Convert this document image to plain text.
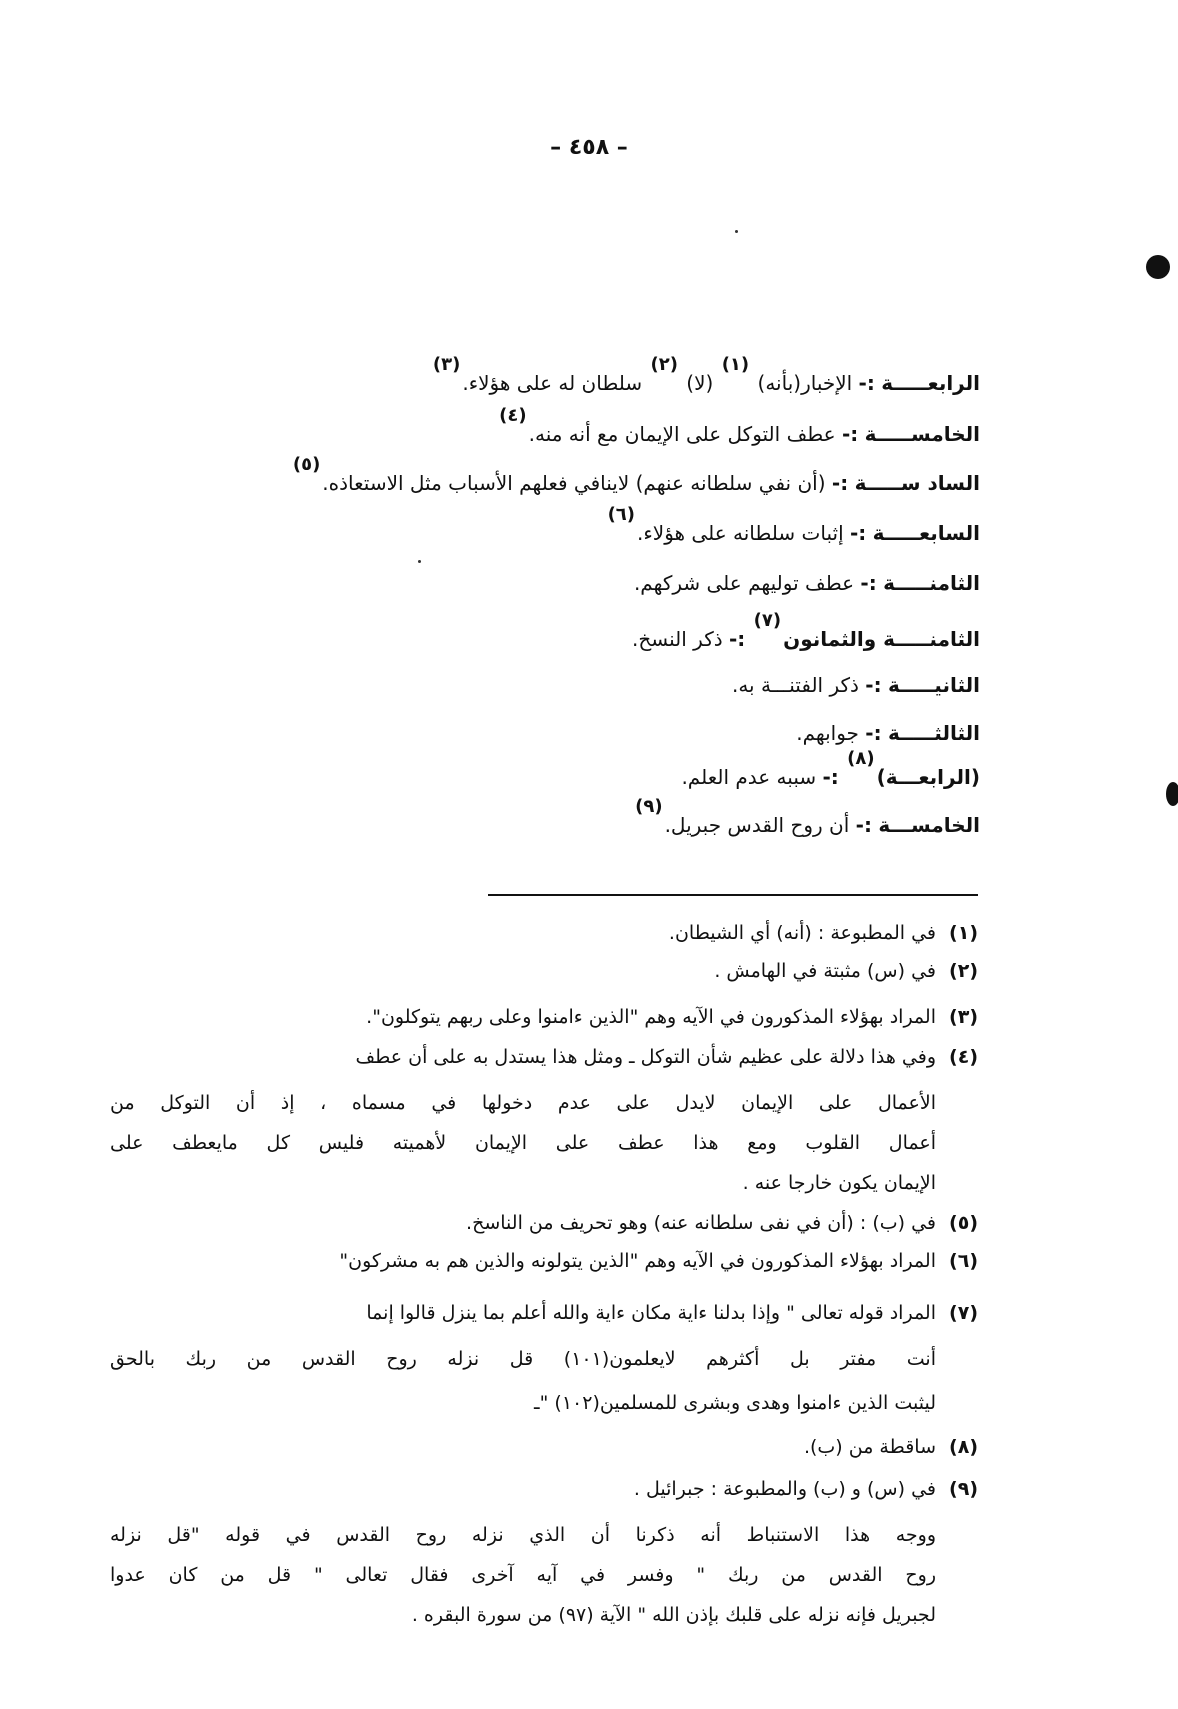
– ٤٥٨ –
الرابعـــــة :- الإخبار(بأنه) (١) (لا) (٢) سلطان له على هؤلاء.(٣)
الخامســـــة :- عطف التوكل على الإيمان مع أنه منه.(٤)
الساد ســـــة :- (أن نفي سلطانه عنهم) لاينافي فعلهم الأسباب مثل الاستعاذه.(٥)
السابعـــــة :- إثبات سلطانه على هؤلاء.(٦)
الثامنـــــة :- عطف توليهم على شركهم.
الثامنـــــة والثمانون(٧) :- ذكر النسخ.
الثانيـــــة :- ذكر الفتنـــة به.
الثالثـــــة :- جوابهم.
(الرابعـــة)(٨) :- سببه عدم العلم.
الخامســـة :- أن روح القدس جبريل.(٩)
(١)في المطبوعة : (أنه) أي الشيطان.
(٢)في (س) مثبتة في الهامش .
(٣)المراد بهؤلاء المذكورون في الآيه وهم "الذين ءامنوا وعلى ربهم يتوكلون".
(٤)وفي هذا دلالة على عظيم شأن التوكل ـ ومثل هذا يستدل به على أن عطف
الأعمال على الإيمان لايدل على عدم دخولها في مسماه ، إذ أن التوكل من
أعمال القلوب ومع هذا عطف على الإيمان لأهميته فليس كل مايعطف على
الإيمان يكون خارجا عنه .
(٥)في (ب) : (أن في نفى سلطانه عنه) وهو تحريف من الناسخ.
(٦)المراد بهؤلاء المذكورون في الآيه وهم "الذين يتولونه والذين هم به مشركون"
(٧)المراد قوله تعالى " وإذا بدلنا ءاية مكان ءاية والله أعلم بما ينزل قالوا إنما
أنت مفتر بل أكثرهم لايعلمون(١٠١) قل نزله روح القدس من ربك بالحق
ليثبت الذين ءامنوا وهدى وبشرى للمسلمين(١٠٢) "ـ
(٨)ساقطة من (ب).
(٩)في (س) و (ب) والمطبوعة : جبرائيل .
ووجه هذا الاستنباط أنه ذكرنا أن الذي نزله روح القدس في قوله "قل نزله
روح القدس من ربك " وفسر في آيه آخرى فقال تعالى " قل من كان عدوا
لجبريل فإنه نزله على قلبك بإذن الله " الآية (٩٧) من سورة البقره .
